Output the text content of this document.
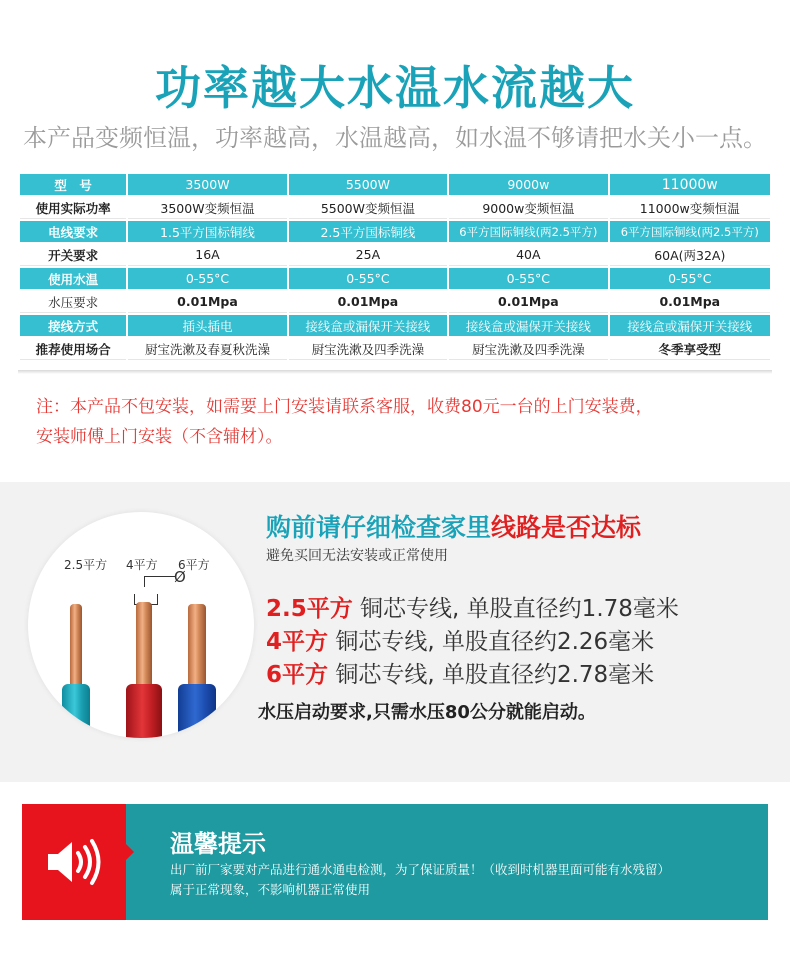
功率越大水温水流越大
本产品变频恒温，功率越高，水温越高，如水温不够请把水关小一点。
型　号	3500W	5500W	9000w	11000w
使用实际功率	3500W变频恒温	5500W变频恒温	9000w变频恒温	11000w变频恒温
电线要求	1.5平方国标铜线	2.5平方国标铜线	6平方国际铜线(两2.5平方)	6平方国际铜线(两2.5平方)
开关要求	16A	25A	40A	60A(两32A)
使用水温	0-55°C	0-55°C	0-55°C	0-55°C
水压要求	0.01Mpa	0.01Mpa	0.01Mpa	0.01Mpa
接线方式	插头插电	接线盒或漏保开关接线	接线盒或漏保开关接线	接线盒或漏保开关接线
推荐使用场合	厨宝洗漱及春夏秋洗澡	厨宝洗漱及四季洗澡	厨宝洗漱及四季洗澡	冬季享受型
注：本产品不包安装，如需要上门安装请联系客服，收费80元一台的上门安装费，
安装师傅上门安装（不含辅材）。
2.5平方 4平方 6平方
Ø
购前请仔细检查家里线路是否达标
避免买回无法安装或正常使用
2.5平方 铜芯专线, 单股直径约1.78毫米
4平方 铜芯专线, 单股直径约2.26毫米
6平方 铜芯专线, 单股直径约2.78毫米
水压启动要求,只需水压80公分就能启动。
温馨提示
出厂前厂家要对产品进行通水通电检测，为了保证质量！（收到时机器里面可能有水残留）
属于正常现象，不影响机器正常使用
